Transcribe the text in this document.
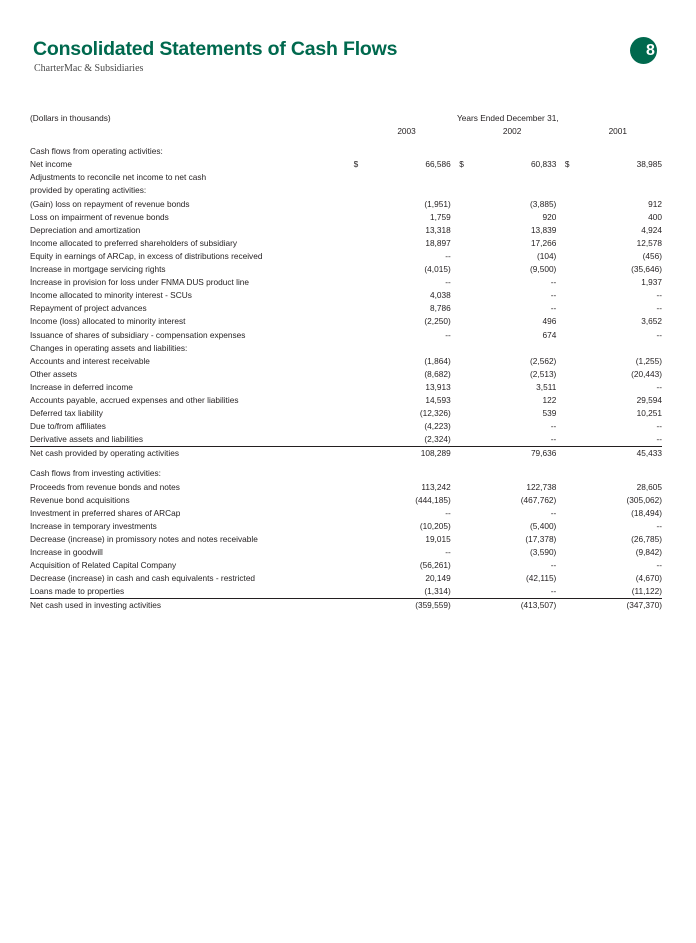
Consolidated Statements of Cash Flows
CharterMac & Subsidiaries
8
(Dollars in thousands)	Years Ended December 31,							
		2003			2002			2001

Cash flows from operating activities:								
Net income	$	66,586		$	60,833		$	38,985
Adjustments to reconcile net income to net cash								
provided by operating activities:								
(Gain) loss on repayment of revenue bonds		(1,951)			(3,885)			912
Loss on impairment of revenue bonds		1,759			920			400
Depreciation and amortization		13,318			13,839			4,924
Income allocated to preferred shareholders of subsidiary		18,897			17,266			12,578
Equity in earnings of ARCap, in excess of distributions received		--			(104)			(456)
Increase in mortgage servicing rights		(4,015)			(9,500)			(35,646)
Increase in provision for loss under FNMA DUS product line		--			--			1,937
Income allocated to minority interest - SCUs		4,038			--			--
Repayment of project advances		8,786			--			--
Income (loss) allocated to minority interest		(2,250)			496			3,652
Issuance of shares of subsidiary - compensation expenses		--			674			--
Changes in operating assets and liabilities:								
Accounts and interest receivable		(1,864)			(2,562)			(1,255)
Other assets		(8,682)			(2,513)			(20,443)
Increase in deferred income		13,913			3,511			--
Accounts payable, accrued expenses and other liabilities		14,593			122			29,594
Deferred tax liability		(12,326)			539			10,251
Due to/from affiliates		(4,223)			--			--
Derivative assets and liabilities		(2,324)			--			--
Net cash provided by operating activities		108,289			79,636			45,433

Cash flows from investing activities:								
Proceeds from revenue bonds and notes		113,242			122,738			28,605
Revenue bond acquisitions		(444,185)			(467,762)			(305,062)
Investment in preferred shares of ARCap		--			--			(18,494)
Increase in temporary investments		(10,205)			(5,400)			--
Decrease (increase) in promissory notes and notes receivable		19,015			(17,378)			(26,785)
Increase in goodwill		--			(3,590)			(9,842)
Acquisition of Related Capital Company		(56,261)			--			--
Decrease (increase) in cash and cash equivalents - restricted		20,149			(42,115)			(4,670)
Loans made to properties		(1,314)			--			(11,122)
Net cash used in investing activities		(359,559)			(413,507)			(347,370)
